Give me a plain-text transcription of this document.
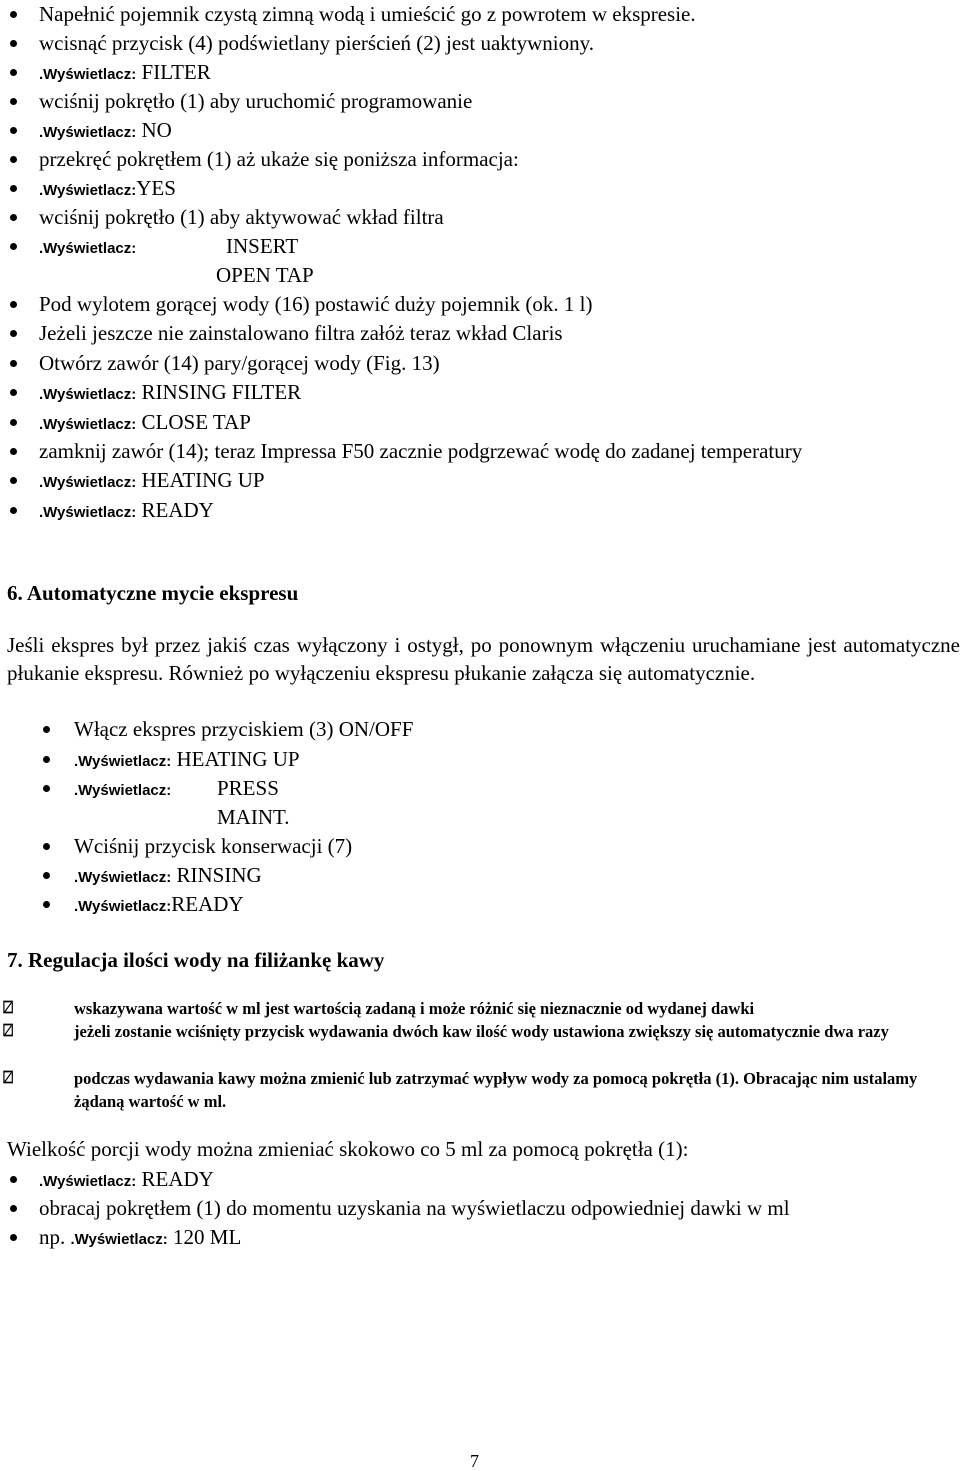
Napełnić pojemnik czystą zimną wodą i umieścić go z powrotem w ekspresie.
wcisnąć przycisk (4) podświetlany pierścień (2) jest uaktywniony.
.Wyświetlacz: FILTER
wciśnij pokrętło (1) aby uruchomić programowanie
.Wyświetlacz: NO
przekręć pokrętłem (1) aż ukaże się poniższa informacja:
.Wyświetlacz:YES
wciśnij pokrętło (1) aby aktywować wkład filtra
.Wyświetlacz:	INSERT
OPEN TAP
Pod wylotem gorącej wody (16) postawić duży pojemnik (ok. 1 l)
Jeżeli jeszcze nie zainstalowano filtra załóż teraz wkład Claris
Otwórz zawór (14) pary/gorącej wody (Fig. 13)
.Wyświetlacz: RINSING FILTER
.Wyświetlacz: CLOSE TAP
zamknij zawór (14); teraz Impressa F50 zacznie podgrzewać wodę do zadanej temperatury
.Wyświetlacz: HEATING UP
.Wyświetlacz: READY
6. Automatyczne mycie ekspresu
Jeśli ekspres był przez jakiś czas wyłączony i ostygł, po ponownym włączeniu uruchamiane jest automatyczne płukanie ekspresu. Również po wyłączeniu ekspresu płukanie załącza się automatycznie.
Włącz ekspres przyciskiem (3) ON/OFF
.Wyświetlacz: HEATING UP
.Wyświetlacz: PRESS
MAINT.
Wciśnij przycisk konserwacji (7)
.Wyświetlacz: RINSING
.Wyświetlacz:READY
7. Regulacja ilości wody na filiżankę kawy
⍁	wskazywana wartość w ml jest wartością zadaną i może różnić się nieznacznie od wydanej dawki
⍁	jeżeli zostanie wciśnięty przycisk wydawania dwóch kaw ilość wody ustawiona zwiększy się automatycznie dwa razy
⍁	podczas wydawania kawy można zmienić lub zatrzymać wypływ wody za pomocą pokrętła (1). Obracając nim ustalamy żądaną wartość w ml.
Wielkość porcji wody można zmieniać skokowo co 5 ml za pomocą pokrętła (1):
.Wyświetlacz: READY
obracaj pokrętłem (1) do momentu uzyskania na wyświetlaczu odpowiedniej dawki w ml
np. .Wyświetlacz: 120 ML
7
